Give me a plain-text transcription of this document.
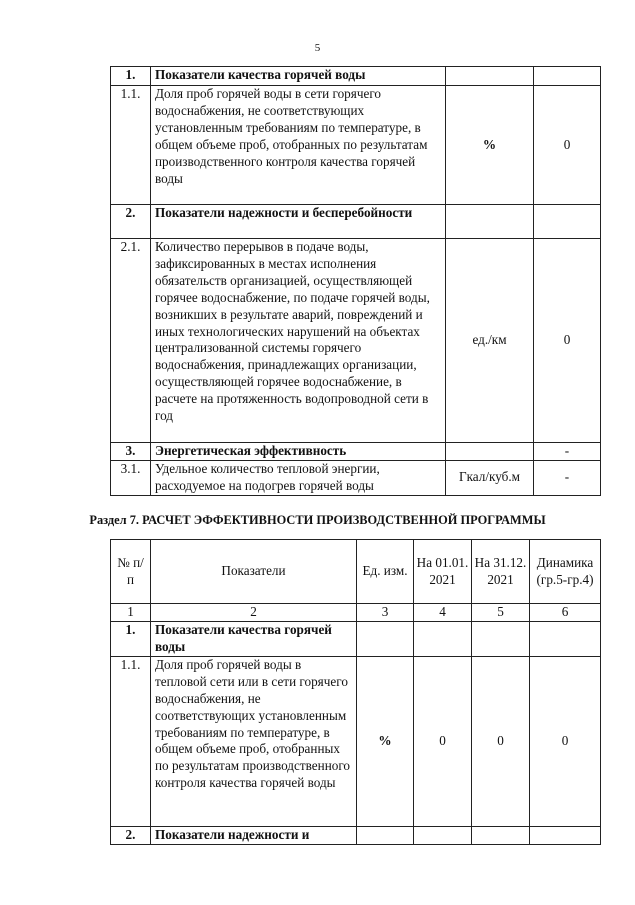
5
1.	Показатели качества горячей воды		
1.1.	Доля проб горячей воды в сети горячего водоснабжения, не соответствующих установленным требованиям по температуре, в общем объеме проб, отобранных по результатам производственного контроля качества горячей воды	%	0
2.	Показатели надежности и бесперебойности		
2.1.	Количество перерывов в подаче воды, зафиксированных в местах исполнения обязательств организацией, осуществляющей горячее водоснабжение, по подаче горячей воды, возникших в результате аварий, повреждений и иных технологических нарушений на объектах централизованной системы горячего водоснабжения, принадлежащих организации, осуществляющей горячее водоснабжение, в расчете на протяженность водопроводной сети в год	ед./км	0
3.	Энергетическая эффективность		-
3.1.	Удельное количество тепловой энергии, расходуемое на подогрев горячей воды	Гкал/куб.м	-
Раздел 7. РАСЧЕТ ЭФФЕКТИВНОСТИ ПРОИЗВОДСТВЕННОЙ ПРОГРАММЫ
№ п/п	Показатели	Ед. изм.	На 01.01. 2021	На 31.12. 2021	Динамика (гр.5-гр.4)
1	2	3	4	5	6
1.	Показатели качества горячей воды				
1.1.	Доля проб горячей воды в тепловой сети или в сети горячего водоснабжения, не соответствующих установленным требованиям по температуре, в общем объеме проб, отобранных по результатам производственного контроля качества горячей воды	%	0	0	0
2.	Показатели надежности и				
